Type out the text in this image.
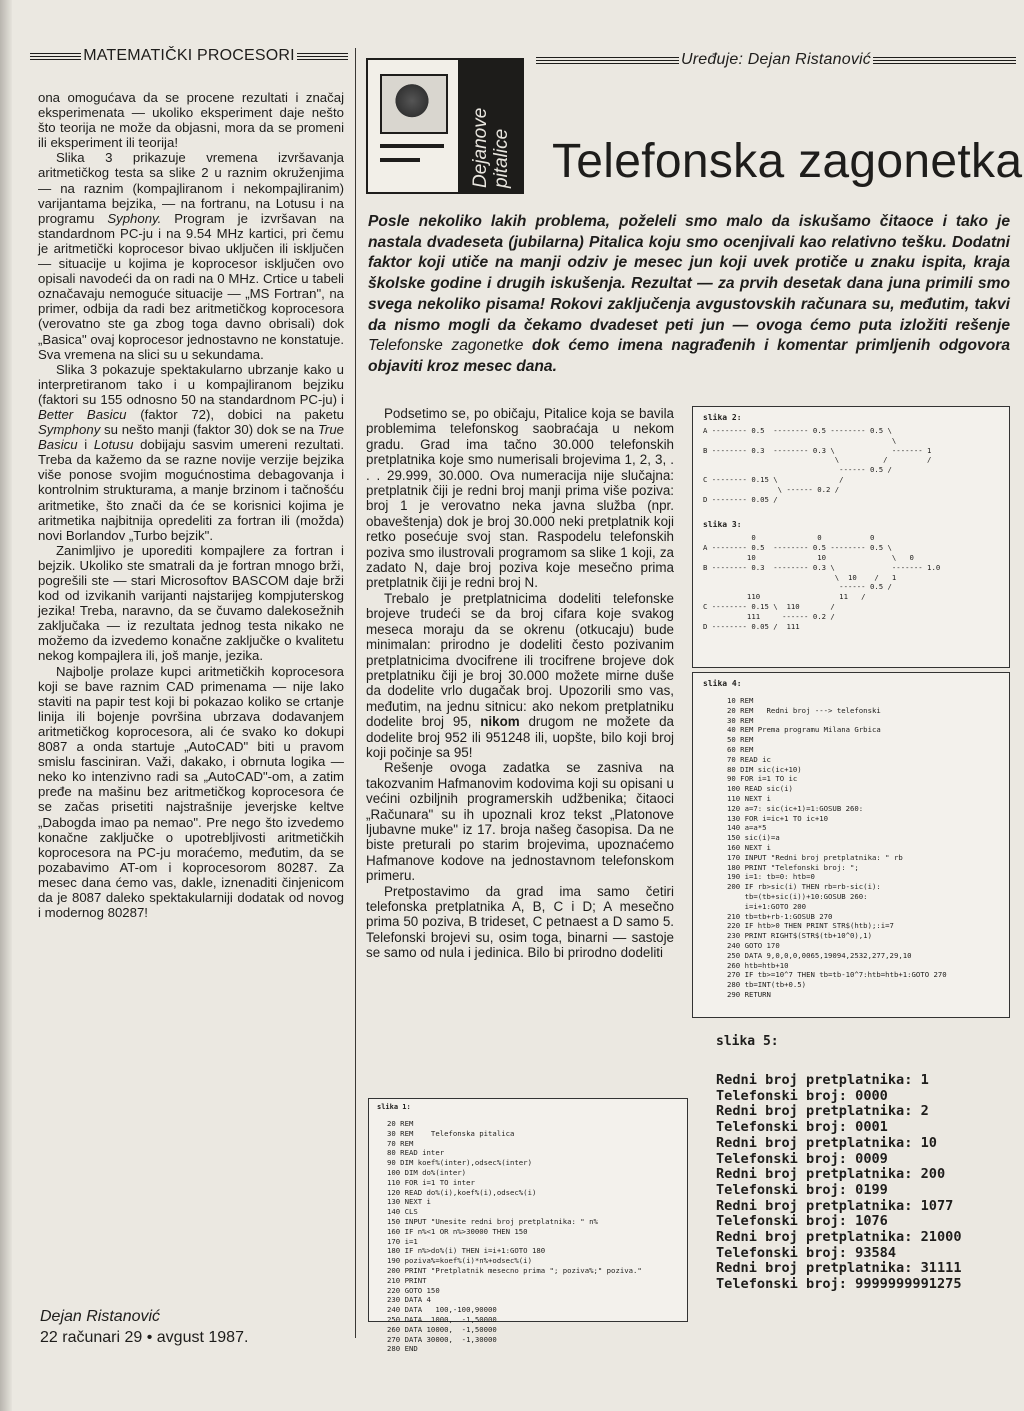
MATEMATIČKI PROCESORI	Uređuje: Dejan Ristanović

ona omogućava da se procene rezultati i značaj eksperimenata — ukoliko eksperiment daje nešto što teorija ne može da objasni, mora da se promeni ili eksperiment ili teorija!

Slika 3 prikazuje vremena izvršavanja aritmetičkog testa sa slike 2 u raznim okruženjima — na raznim (kompajliranom i nekompajliranim) varijantama bejzika, — na fortranu, na Lotusu i na programu Syphony. Program je izvršavan na standardnom PC-ju i na 9.54 MHz kartici, pri čemu je aritmetički koprocesor bivao uključen ili isključen — situacije u kojima je koprocesor isključen ovo opisali navodeći da on radi na 0 MHz. Crtice u tabeli označavaju nemoguće situacije — „MS Fortran", na primer, odbija da radi bez aritmetičkog koprocesora (verovatno ste ga zbog toga davno obrisali) dok „Basica" ovaj koprocesor jednostavno ne konstatuje. Sva vremena na slici su u sekundama.

Slika 3 pokazuje spektakularno ubrzanje kako u interpretiranom tako i u kompajliranom bejziku (faktori su 155 odnosno 50 na standardnom PC-ju) i Better Basicu (faktor 72), dobici na paketu Symphony su nešto manji (faktor 30) dok se na True Basicu i Lotusu dobijaju sasvim umereni rezultati. Treba da kažemo da se razne novije verzije bejzika više ponose svojim mogućnostima debagovanja i kontrolnim strukturama, a manje brzinom i tačnošću aritmetike, što znači da će se korisnici kojima je aritmetika najbitnija opredeliti za fortran ili (možda) novi Borlandov „Turbo bejzik".

Zanimljivo je uporediti kompajlere za fortran i bejzik. Ukoliko ste smatrali da je fortran mnogo brži, pogrešili ste — stari Microsoftov BASCOM daje brži kod od izvikanih varijanti najstarijeg kompjuterskog jezika! Treba, naravno, da se čuvamo dalekosežnih zaključaka — iz rezultata jednog testa nikako ne možemo da izvedemo konačne zaključke o kvalitetu nekog kompajlera ili, još manje, jezika.

Najbolje prolaze kupci aritmetičkih koprocesora koji se bave raznim CAD primenama — nije lako staviti na papir test koji bi pokazao koliko se crtanje linija ili bojenje površina ubrzava dodavanjem aritmetičkog koprocesora, ali će svako ko dokupi 8087 a onda startuje „AutoCAD" biti u pravom smislu fasciniran. Važi, dakako, i obrnuta logika — neko ko intenzivno radi sa „AutoCAD"-om, a zatim pređe na mašinu bez aritmetičkog koprocesora će se začas prisetiti najstrašnije jeverjske keltve „Dabogda imao pa nemao". Pre nego što izvedemo konačne zaključke o upotrebljivosti aritmetičkih koprocesora na PC-ju moraćemo, međutim, da se pozabavimo AT-om i koprocesorom 80287. Za mesec dana ćemo vas, dakle, iznenaditi činjenicom da je 8087 daleko spektakularniji dodatak od novog i modernog 80287!

Dejanove pitalice Telefonska zagonetka
Posle nekoliko lakih problema, poželeli smo malo da iskušamo čitaoce i tako je nastala dvadeseta (jubilarna) Pitalica koju smo ocenjivali kao relativno tešku. Dodatni faktor koji utiče na manji odziv je mesec jun koji uvek protiče u znaku ispita, kraja školske godine i drugih iskušenja. Rezultat — za prvih desetak dana juna primili smo svega nekoliko pisama! Rokovi zaključenja avgustovskih računara su, međutim, takvi da nismo mogli da čekamo dvadeset peti jun — ovoga ćemo puta izložiti rešenje Telefonske zagonetke dok ćemo imena nagrađenih i komentar primljenih odgovora objaviti kroz mesec dana.

Podsetimo se, po običaju, Pitalice koja se bavila problemima telefonskog saobraćaja u nekom gradu. Grad ima tačno 30.000 telefonskih pretplatnika koje smo numerisali brojevima 1, 2, 3, . . . 29.999, 30.000. Ova numeracija nije slučajna: pretplatnik čiji je redni broj manji prima više poziva: broj 1 je verovatno neka javna služba (npr. obaveštenja) dok je broj 30.000 neki pretplatnik koji retko posećuje svoj stan. Raspodelu telefonskih poziva smo ilustrovali programom sa slike 1 koji, za zadato N, daje broj poziva koje mesečno prima pretplatnik čiji je redni broj N.

Trebalo je pretplatnicima dodeliti telefonske brojeve trudeći se da broj cifara koje svakog meseca moraju da se okrenu (otkucaju) bude minimalan: prirodno je dodeliti često pozivanim pretplatnicima dvocifrene ili trocifrene brojeve dok pretplatniku čiji je broj 30.000 možete mirne duše da dodelite vrlo dugačak broj. Upozorili smo vas, međutim, na jednu sitnicu: ako nekom pretplatniku dodelite broj 95, nikom drugom ne možete da dodelite broj 952 ili 951248 ili, uopšte, bilo koji broj koji počinje sa 95!

Rešenje ovoga zadatka se zasniva na takozvanim Hafmanovim kodovima koji su opisani u većini ozbiljnih programerskih udžbenika; čitaoci „Računara" su ih upoznali kroz tekst „Platonove ljubavne muke" iz 17. broja našeg časopisa. Da ne biste preturali po starim brojevima, upoznaćemo Hafmanove kodove na jednostavnom telefonskom primeru.

Pretpostavimo da grad ima samo četiri telefonska pretplatnika A, B, C i D; A mesečno prima 50 poziva, B trideset, C petnaest a D samo 5. Telefonski brojevi su, osim toga, binarni — sastoje se samo od nula i jedinica. Bilo bi prirodno dodeliti

slika 2:
A -------- 0.5  -------- 0.5 -------- 0.5 \
\
B -------- 0.3  -------- 0.3 \             ------- 1
\          /         /
------ 0.5 /
C -------- 0.15 \              /
\ ------ 0.2 /
D -------- 0.05 /
slika 3:
0              0           0
A -------- 0.5  -------- 0.5 -------- 0.5 \
10              10               \   0
B -------- 0.3  -------- 0.3 \             ------- 1.0
\  10    /   1
------ 0.5 /
110                  11   /
C -------- 0.15 \  110       /
111     ------ 0.2 /
D -------- 0.05 /  111
slika 4:
10 REM
20 REM   Redni broj ---> telefonski
30 REM
40 REM Prema programu Milana Grbica
50 REM
60 REM
70 READ ic
80 DIM sic(ic+10)
90 FOR i=1 TO ic
100 READ sic(i)
110 NEXT i
120 a=7: sic(ic+1)=1:GOSUB 260:
130 FOR i=ic+1 TO ic+10
140 a=a*5
150 sic(i)=a
160 NEXT i
170 INPUT "Redni broj pretplatnika: " rb
180 PRINT "Telefonski broj: ";
190 i=1: tb=0: htb=0
200 IF rb>sic(i) THEN rb=rb-sic(i):
tb=(tb+sic(i))+10:GOSUB 260:
i=i+1:GOTO 200
210 tb=tb+rb-1:GOSUB 270
220 IF htb>0 THEN PRINT STR$(htb);:i=7
230 PRINT RIGHT$(STR$(tb+10^0),1)
240 GOTO 170
250 DATA 9,0,0,0,0065,19094,2532,277,29,10
260 htb=htb+10
270 IF tb>=10^7 THEN tb=tb-10^7:htb=htb+1:GOTO 270
280 tb=INT(tb+0.5)
290 RETURN
slika 5:
Redni broj pretplatnika: 1
Telefonski broj: 0000
Redni broj pretplatnika: 2
Telefonski broj: 0001
Redni broj pretplatnika: 10
Telefonski broj: 0009
Redni broj pretplatnika: 200
Telefonski broj: 0199
Redni broj pretplatnika: 1077
Telefonski broj: 1076
Redni broj pretplatnika: 21000
Telefonski broj: 93584
Redni broj pretplatnika: 31111
Telefonski broj: 9999999991275
slika 1:
20 REM
30 REM    Telefonska pitalica
70 REM
80 READ inter
90 DIM koef%(inter),odsec%(inter)
100 DIM do%(inter)
110 FOR i=1 TO inter
120 READ do%(i),koef%(i),odsec%(i)
130 NEXT i
140 CLS
150 INPUT "Unesite redni broj pretplatnika: " n%
160 IF n%<1 OR n%>30000 THEN 150
170 i=1
180 IF n%>do%(i) THEN i=i+1:GOTO 180
190 poziva%=koef%(i)*n%+odsec%(i)
200 PRINT "Pretplatnik mesecno prima "; poziva%;" poziva."
210 PRINT
220 GOTO 150
230 DATA 4
240 DATA   100,-100,90000
250 DATA  1000,  -1,50000
260 DATA 10000,  -1,50000
270 DATA 30000,  -1,30000
280 END
Dejan Ristanović
22 računari 29 • avgust 1987.
